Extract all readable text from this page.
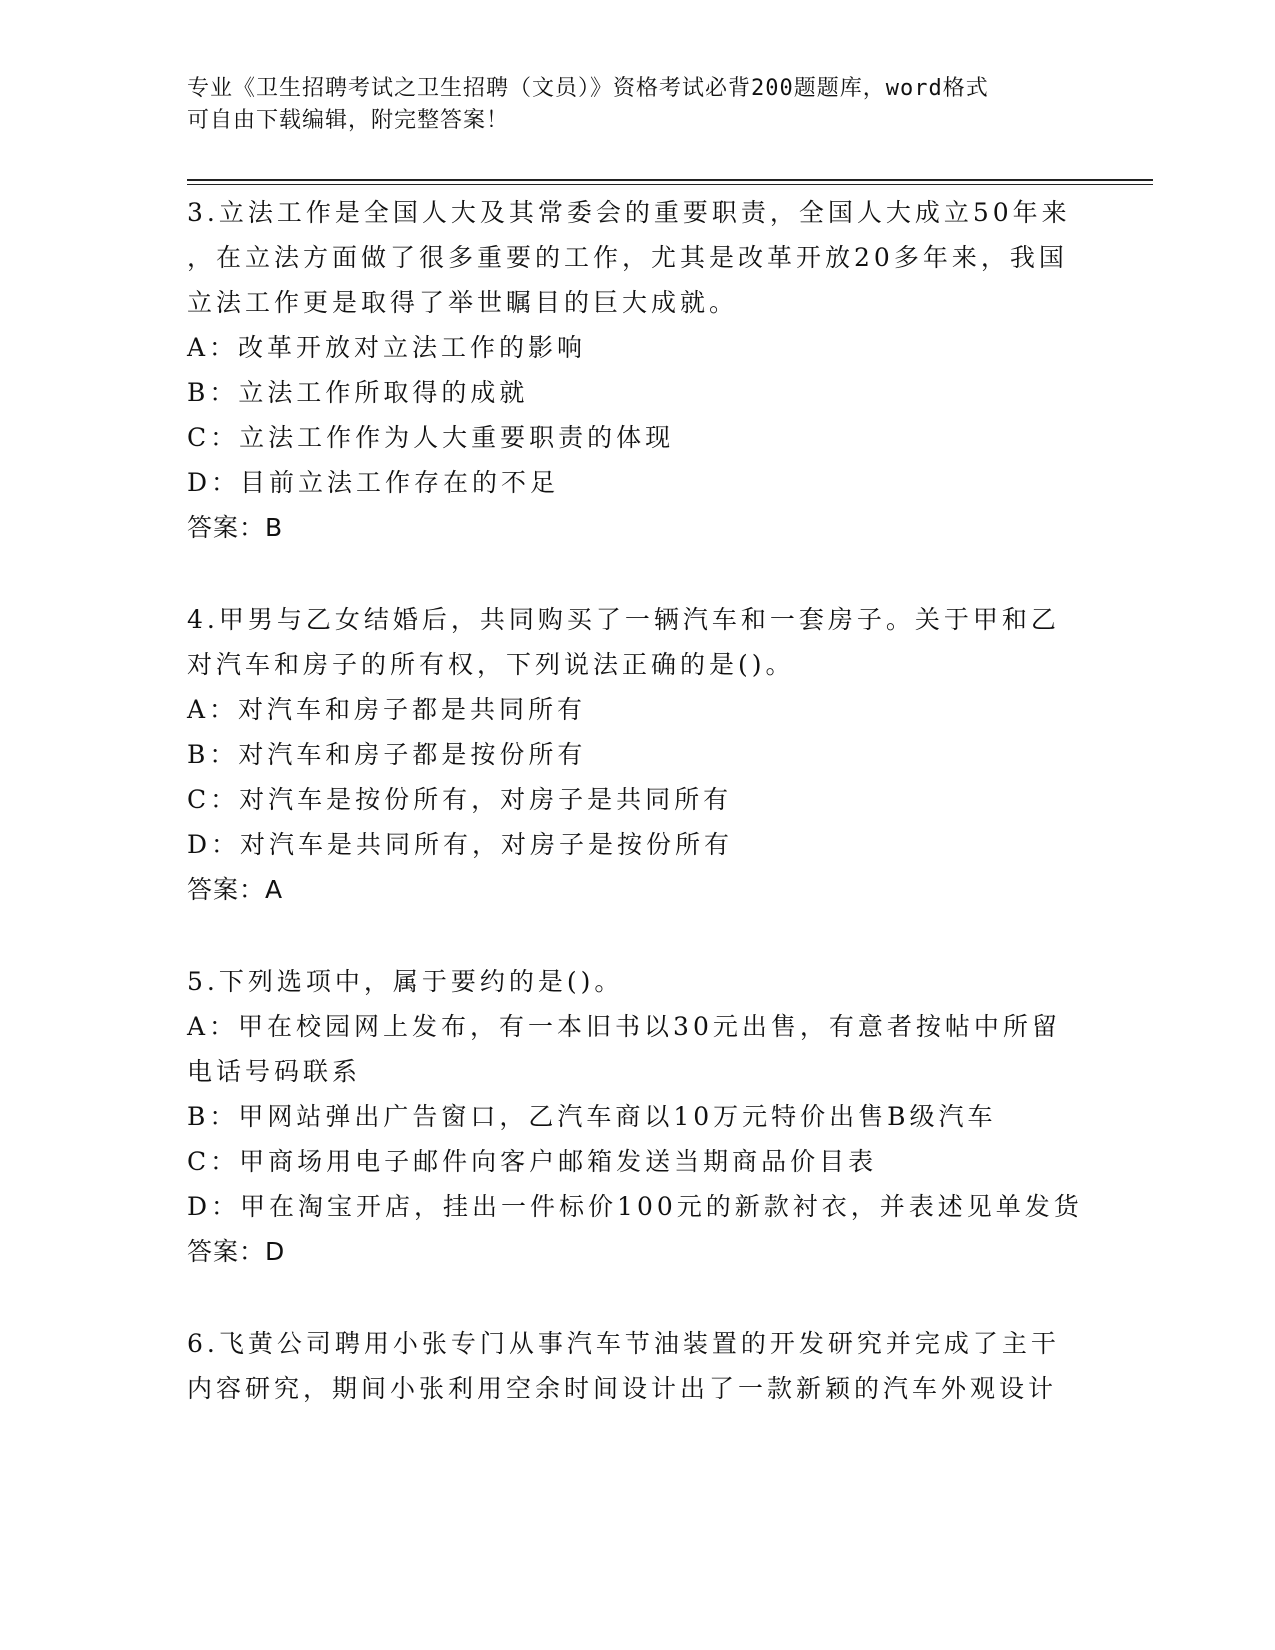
专业《卫生招聘考试之卫生招聘（文员）》资格考试必背200题题库，word格式
可自由下载编辑，附完整答案！
3.立法工作是全国人大及其常委会的重要职责，全国人大成立50年来
，在立法方面做了很多重要的工作，尤其是改革开放20多年来，我国
立法工作更是取得了举世瞩目的巨大成就。
A：改革开放对立法工作的影响
B：立法工作所取得的成就
C：立法工作作为人大重要职责的体现
D：目前立法工作存在的不足
答案：B
4.甲男与乙女结婚后，共同购买了一辆汽车和一套房子。关于甲和乙
对汽车和房子的所有权，下列说法正确的是()。
A：对汽车和房子都是共同所有
B：对汽车和房子都是按份所有
C：对汽车是按份所有，对房子是共同所有
D：对汽车是共同所有，对房子是按份所有
答案：A
5.下列选项中，属于要约的是()。
A：甲在校园网上发布，有一本旧书以30元出售，有意者按帖中所留
电话号码联系
B：甲网站弹出广告窗口，乙汽车商以10万元特价出售B级汽车
C：甲商场用电子邮件向客户邮箱发送当期商品价目表
D：甲在淘宝开店，挂出一件标价100元的新款衬衣，并表述见单发货
答案：D
6.飞黄公司聘用小张专门从事汽车节油装置的开发研究并完成了主干
内容研究，期间小张利用空余时间设计出了一款新颖的汽车外观设计
